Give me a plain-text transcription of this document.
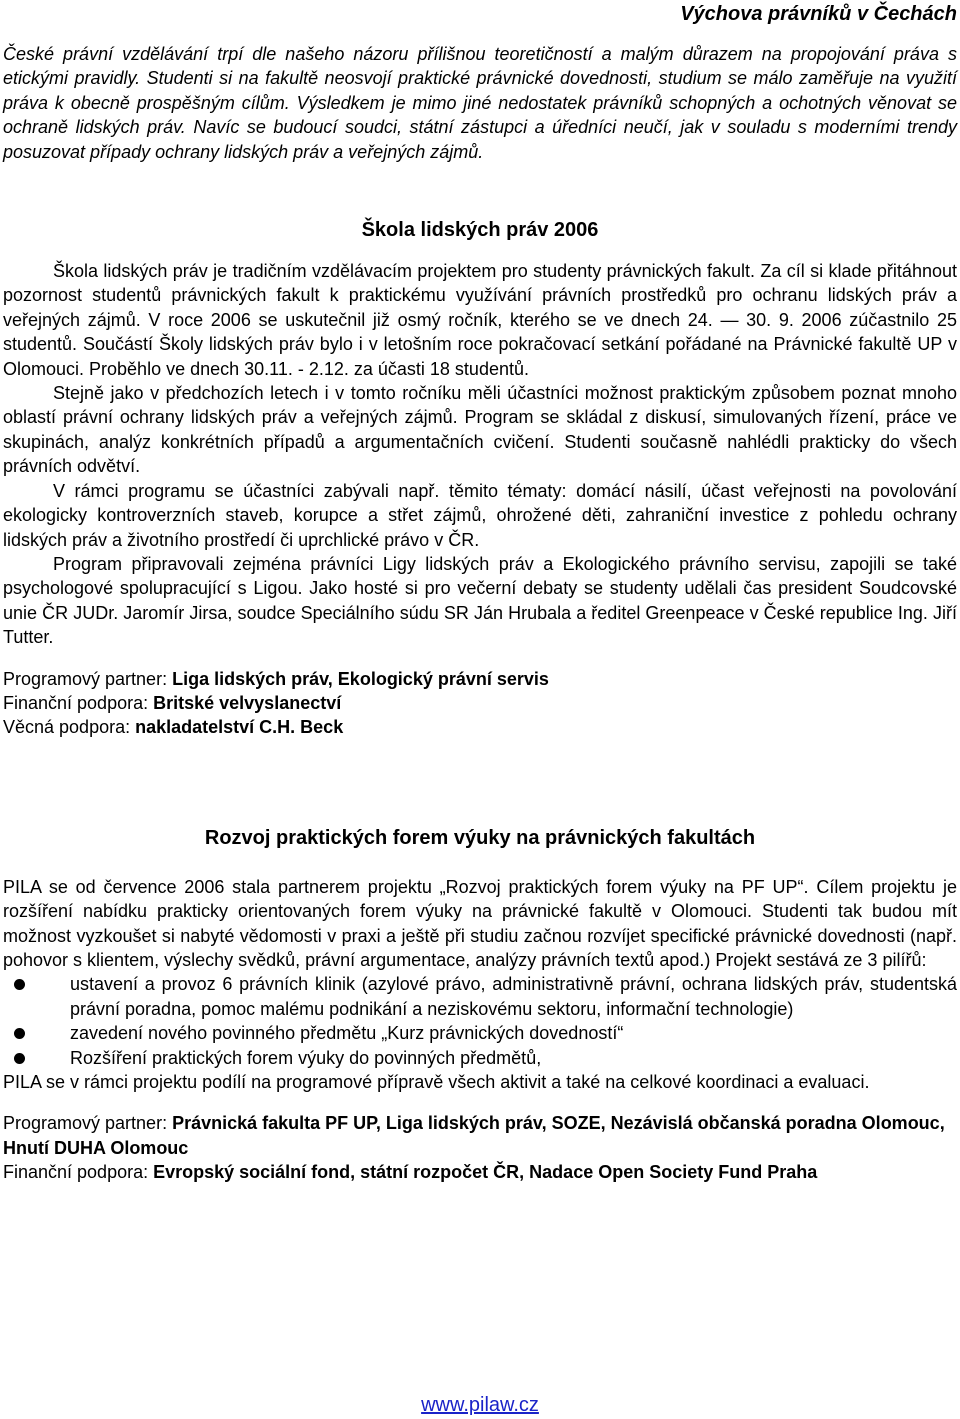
Výchova právníků v Čechách

České právní vzdělávání trpí dle našeho názoru přílišnou teoretičností a malým důrazem na propojování práva s etickými pravidly. Studenti si na fakultě neosvojí praktické právnické dovednosti, studium se málo zaměřuje na využití práva k obecně prospěšným cílům. Výsledkem je mimo jiné nedostatek právníků schopných a ochotných věnovat se ochraně lidských práv. Navíc se budoucí soudci, státní zástupci a úředníci neučí, jak v souladu s moderními trendy posuzovat případy ochrany lidských práv a veřejných zájmů.

Škola lidských práv 2006

Škola lidských práv je tradičním vzdělávacím projektem pro studenty právnických fakult. Za cíl si klade přitáhnout pozornost studentů právnických fakult k praktickému využívání právních prostředků pro ochranu lidských práv a veřejných zájmů. V roce 2006 se uskutečnil již osmý ročník, kterého se ve dnech 24. — 30. 9. 2006 zúčastnilo 25 studentů. Součástí Školy lidských práv bylo i v letošním roce pokračovací setkání pořádané na Právnické fakultě UP v Olomouci. Proběhlo ve dnech 30.11. - 2.12. za účasti 18 studentů.

Stejně jako v předchozích letech i v tomto ročníku měli účastníci možnost praktickým způsobem poznat mnoho oblastí právní ochrany lidských práv a veřejných zájmů. Program se skládal z diskusí, simulovaných řízení, práce ve skupinách, analýz konkrétních případů a argumentačních cvičení. Studenti současně nahlédli prakticky do všech právních odvětví.

V rámci programu se účastníci zabývali např. těmito tématy: domácí násilí, účast veřejnosti na povolování ekologicky kontroverzních staveb, korupce a střet zájmů, ohrožené děti, zahraniční investice z pohledu ochrany lidských práv a životního prostředí či uprchlické právo v ČR.

Program připravovali zejména právníci Ligy lidských práv a Ekologického právního servisu, zapojili se také psychologové spolupracující s Ligou. Jako hosté si pro večerní debaty se studenty udělali čas president Soudcovské unie ČR JUDr. Jaromír Jirsa, soudce Speciálního súdu SR Ján Hrubala a ředitel Greenpeace v České republice Ing. Jiří Tutter.

Programový partner: Liga lidských práv, Ekologický právní servis

Finanční podpora: Britské velvyslanectví

Věcná podpora: nakladatelství C.H. Beck

Rozvoj praktických forem výuky na právnických fakultách

PILA se od července 2006 stala partnerem projektu „Rozvoj praktických forem výuky na PF UP“. Cílem projektu je rozšíření nabídku prakticky orientovaných forem výuky na právnické fakultě v Olomouci. Studenti tak budou mít možnost vyzkoušet si nabyté vědomosti v praxi a ještě při studiu začnou rozvíjet specifické právnické dovednosti (např. pohovor s klientem, výslechy svědků, právní argumentace, analýzy právních textů apod.) Projekt sestává ze 3 pilířů:

ustavení a provoz 6 právních klinik (azylové právo, administrativně právní, ochrana lidských práv, studentská právní poradna, pomoc malému podnikání a neziskovému sektoru, informační technologie)
zavedení nového povinného předmětu „Kurz právnických dovedností“
Rozšíření praktických forem výuky do povinných předmětů,

PILA se v rámci projektu podílí na programové přípravě všech aktivit a také na celkové koordinaci a evaluaci.

Programový partner: Právnická fakulta PF UP, Liga lidských práv, SOZE, Nezávislá občanská poradna Olomouc, Hnutí DUHA Olomouc

Finanční podpora: Evropský sociální fond, státní rozpočet ČR, Nadace Open Society Fund Praha

www.pilaw.cz
